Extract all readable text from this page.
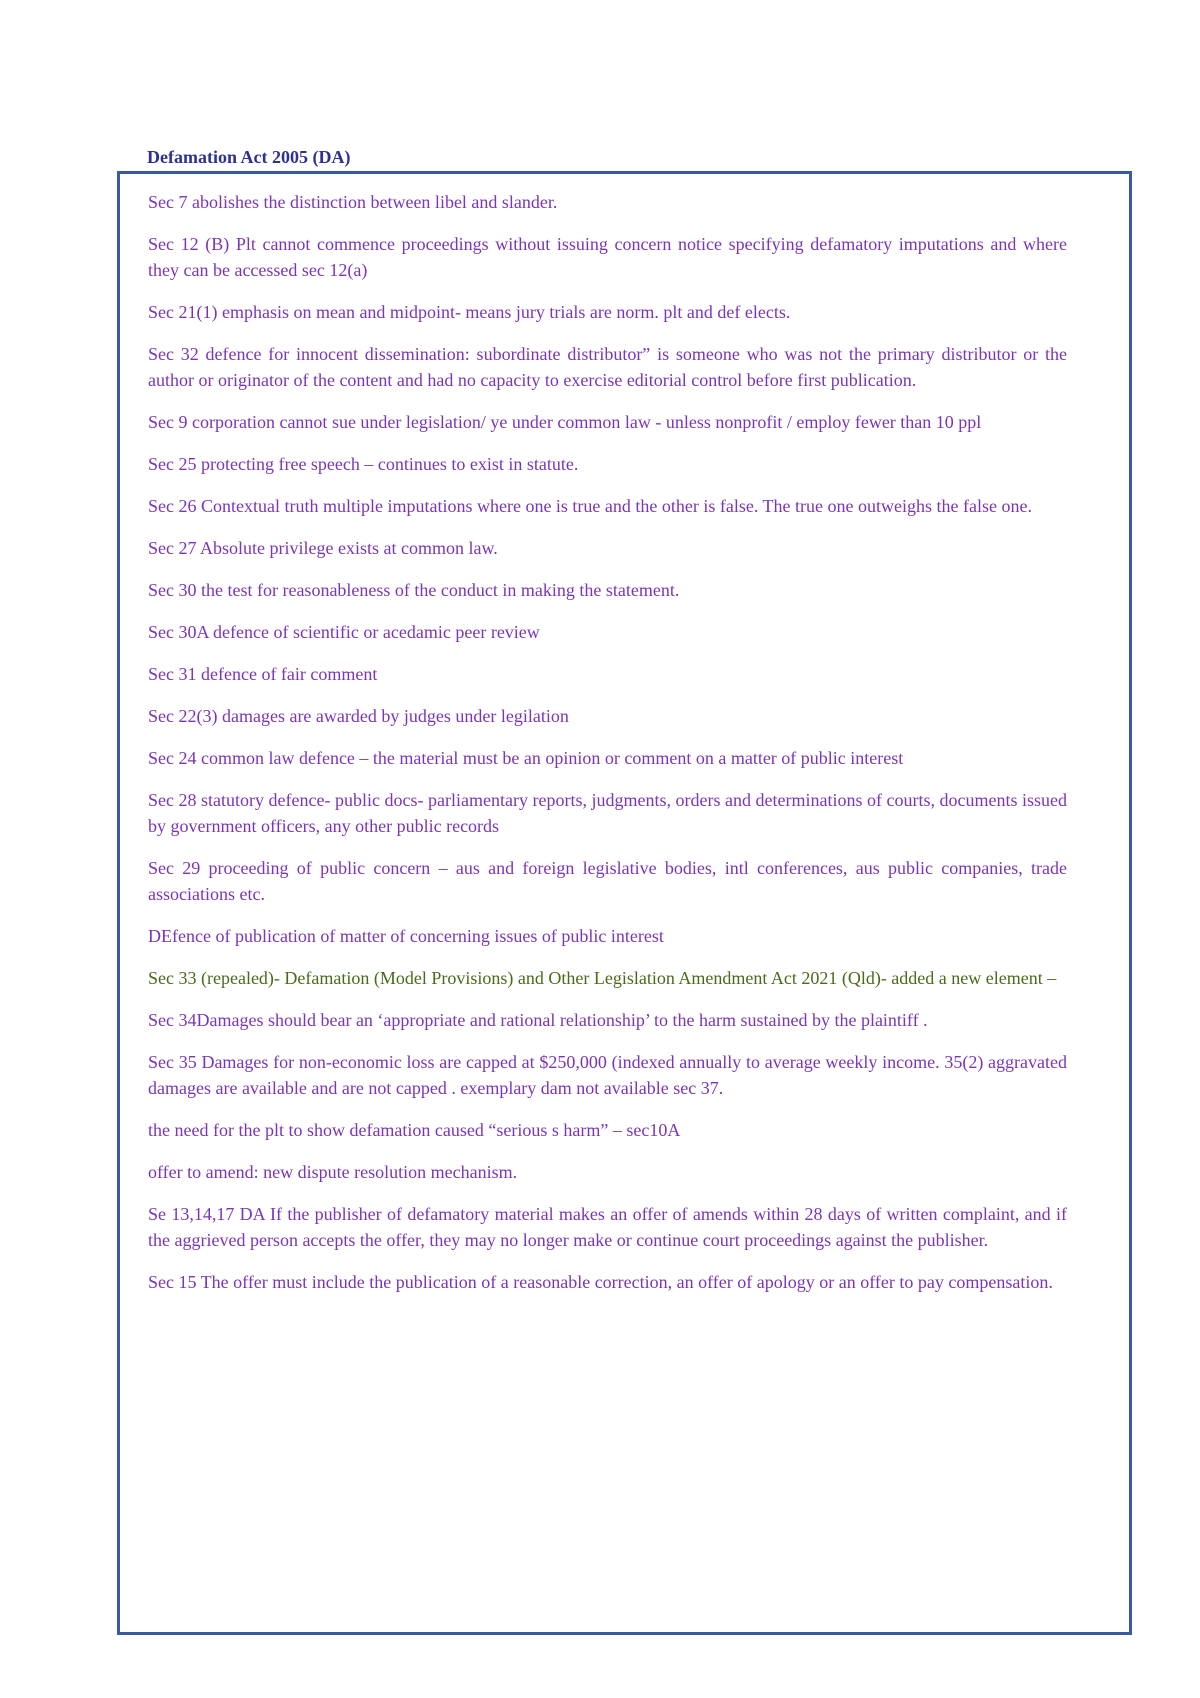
Defamation Act 2005 (DA)

Sec 7 abolishes the distinction between libel and slander.

Sec 12 (B) Plt cannot commence proceedings without issuing concern notice specifying defamatory imputations and where they can be accessed sec 12(a)

Sec 21(1) emphasis on mean and midpoint- means jury trials are norm. plt and def elects.

Sec 32 defence for innocent dissemination: subordinate distributor” is someone who was not the primary distributor or the author or originator of the content and had no capacity to exercise editorial control before first publication.

Sec 9 corporation cannot sue under legislation/ ye under common law - unless nonprofit / employ fewer than 10 ppl

Sec 25 protecting free speech – continues to exist in statute.

Sec 26 Contextual truth multiple imputations where one is true and the other is false. The true one outweighs the false one.

Sec 27 Absolute privilege exists at common law.

Sec 30 the test for reasonableness of the conduct in making the statement.

Sec 30A defence of scientific or acedamic peer review

Sec 31 defence of fair comment

Sec 22(3) damages are awarded by judges under legilation

Sec 24 common law defence – the material must be an opinion or comment on a matter of public interest

Sec 28 statutory defence- public docs- parliamentary reports, judgments, orders and determinations of courts, documents issued by government officers, any other public records

Sec 29 proceeding of public concern – aus and foreign legislative bodies, intl conferences, aus public companies, trade associations etc.

DEfence of publication of matter of concerning issues of public interest

Sec 33 (repealed)- Defamation (Model Provisions) and Other Legislation Amendment Act 2021 (Qld)- added a new element –

Sec 34Damages should bear an ‘appropriate and rational relationship’ to the harm sustained by the plaintiff .

Sec 35 Damages for non-economic loss are capped at $250,000 (indexed annually to average weekly income. 35(2) aggravated damages are available and are not capped . exemplary dam not available sec 37.

the need for the plt to show defamation caused “serious s harm” – sec10A

offer to amend: new dispute resolution mechanism.

Se 13,14,17 DA If the publisher of defamatory material makes an offer of amends within 28 days of written complaint, and if the aggrieved person accepts the offer, they may no longer make or continue court proceedings against the publisher.

Sec 15 The offer must include the publication of a reasonable correction, an offer of apology or an offer to pay compensation.
